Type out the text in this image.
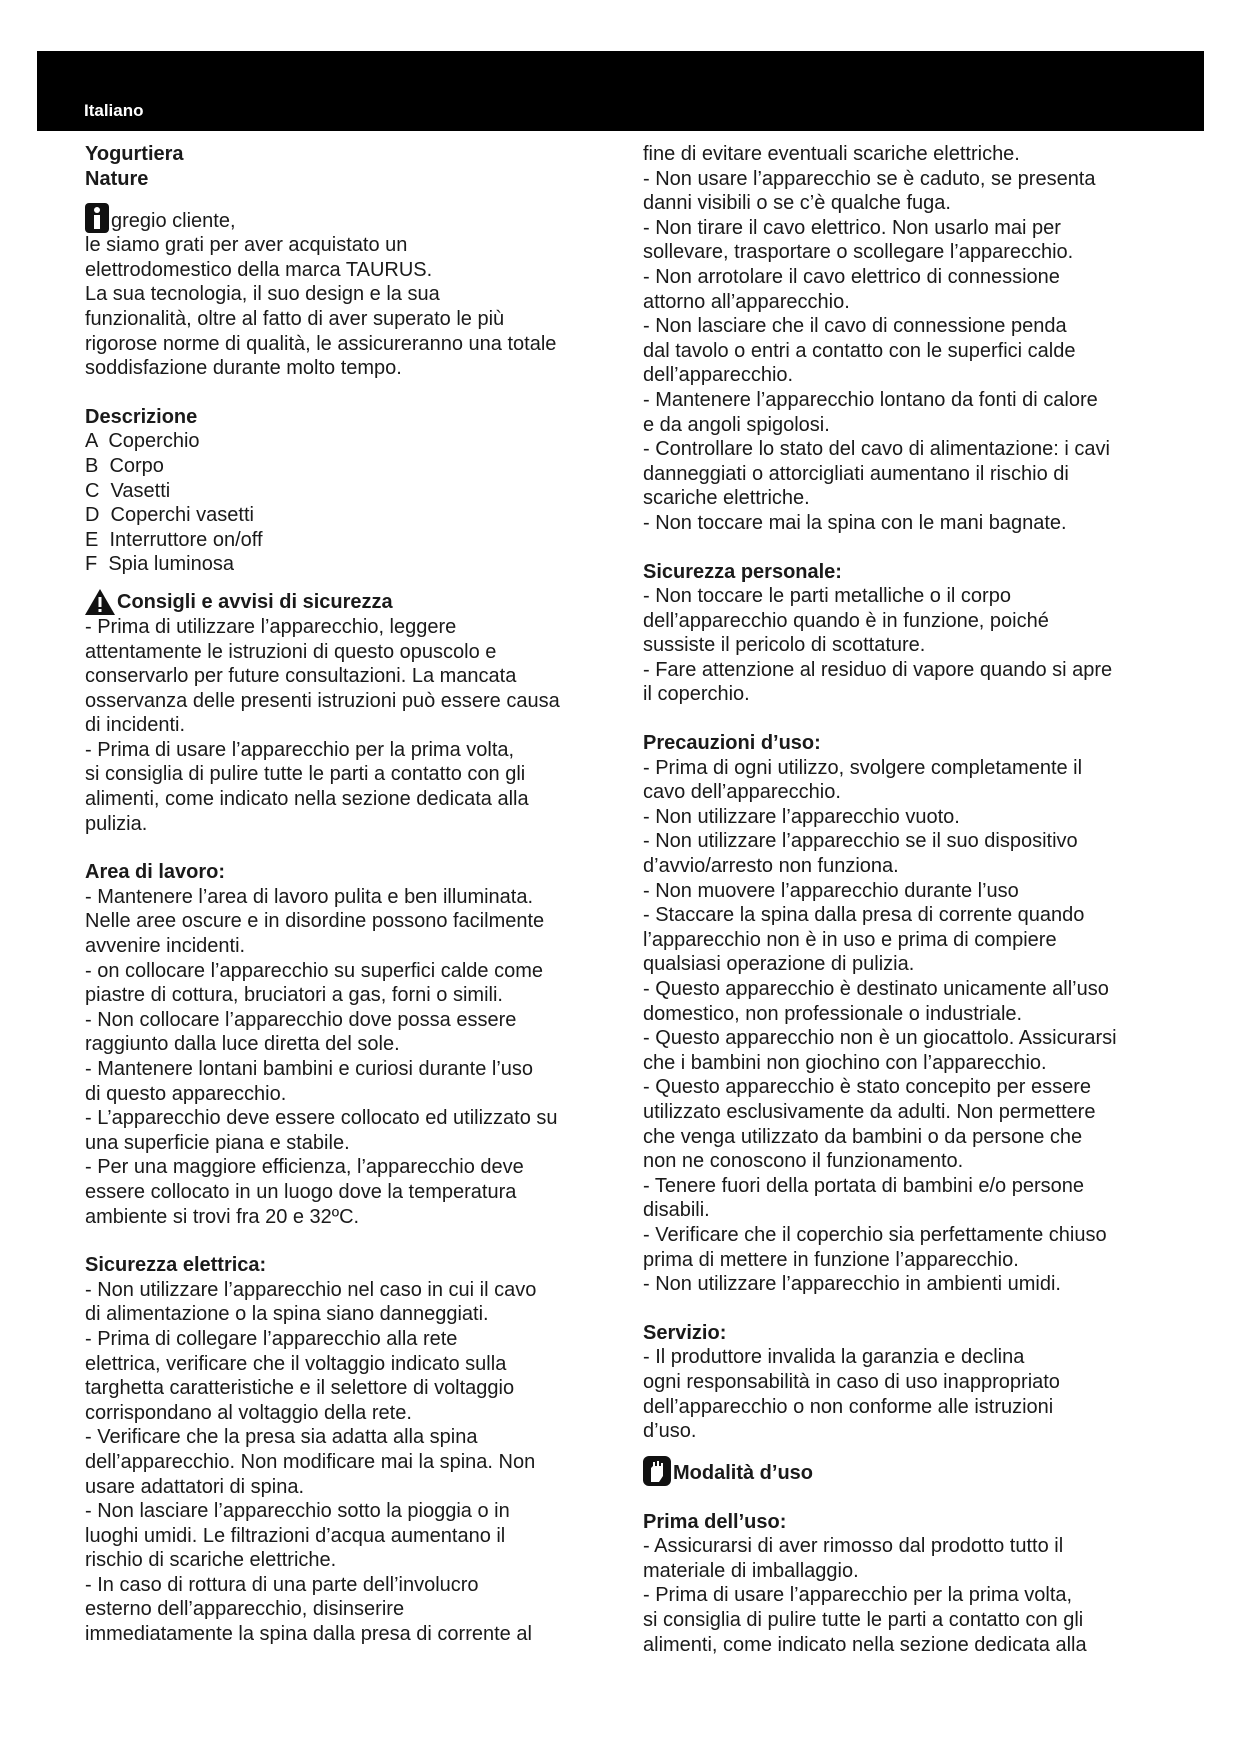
Italiano
Yogurtiera
Nature
gregio cliente,
le siamo grati per aver acquistato un
elettrodomestico della marca TAURUS.
La sua tecnologia, il suo design e la sua
funzionalità, oltre al fatto di aver superato le più
rigorose norme di qualità, le assicureranno una totale
soddisfazione durante molto tempo.
Descrizione
A  Coperchio
B  Corpo
C  Vasetti
D  Coperchi vasetti
E  Interruttore on/off
F  Spia luminosa
Consigli e avvisi di sicurezza
- Prima di utilizzare l’apparecchio, leggere
attentamente le istruzioni di questo opuscolo e
conservarlo per future consultazioni. La mancata
osservanza delle presenti istruzioni può essere causa
di incidenti.
- Prima di usare l’apparecchio per la prima volta,
si consiglia di pulire tutte le parti a contatto con gli
alimenti, come indicato nella sezione dedicata alla
pulizia.
Area di lavoro:
- Mantenere l’area di lavoro pulita e ben illuminata.
Nelle aree oscure e in disordine possono facilmente
avvenire incidenti.
- on collocare l’apparecchio su superfici calde come
piastre di cottura, bruciatori a gas, forni o simili.
- Non collocare l’apparecchio dove possa essere
raggiunto dalla luce diretta del sole.
- Mantenere lontani bambini e curiosi durante l’uso
di questo apparecchio.
- L’apparecchio deve essere collocato ed utilizzato su
una superficie piana e stabile.
- Per una maggiore efficienza, l’apparecchio deve
essere collocato in un luogo dove la temperatura
ambiente si trovi fra 20 e 32ºC.
Sicurezza elettrica:
- Non utilizzare l’apparecchio nel caso in cui il cavo
di alimentazione o la spina siano danneggiati.
- Prima di collegare l’apparecchio alla rete
elettrica, verificare che il voltaggio indicato sulla
targhetta caratteristiche e il selettore di voltaggio
corrispondano al voltaggio della rete.
- Verificare che la presa sia adatta alla spina
dell’apparecchio. Non modificare mai la spina. Non
usare adattatori di spina.
- Non lasciare l’apparecchio sotto la pioggia o in
luoghi umidi. Le filtrazioni d’acqua aumentano il
rischio di scariche elettriche.
- In caso di rottura di una parte dell’involucro
esterno dell’apparecchio, disinserire
immediatamente la spina dalla presa di corrente al
fine di evitare eventuali scariche elettriche.
- Non usare l’apparecchio se è caduto, se presenta
danni visibili o se c’è qualche fuga.
- Non tirare il cavo elettrico. Non usarlo mai per
sollevare, trasportare o scollegare l’apparecchio.
- Non arrotolare il cavo elettrico di connessione
attorno all’apparecchio.
- Non lasciare che il cavo di connessione penda
dal tavolo o entri a contatto con le superfici calde
dell’apparecchio.
- Mantenere l’apparecchio lontano da fonti di calore
e da angoli spigolosi.
- Controllare lo stato del cavo di alimentazione: i cavi
danneggiati o attorcigliati aumentano il rischio di
scariche elettriche.
- Non toccare mai la spina con le mani bagnate.
Sicurezza personale:
- Non toccare le parti metalliche o il corpo
dell’apparecchio quando è in funzione, poiché
sussiste il pericolo di scottature.
- Fare attenzione al residuo di vapore quando si apre
il coperchio.
Precauzioni d’uso:
- Prima di ogni utilizzo, svolgere completamente il
cavo dell’apparecchio.
- Non utilizzare l’apparecchio vuoto.
- Non utilizzare l’apparecchio se il suo dispositivo
d’avvio/arresto non funziona.
- Non muovere l’apparecchio durante l’uso
- Staccare la spina dalla presa di corrente quando
l’apparecchio non è in uso e prima di compiere
qualsiasi operazione di pulizia.
- Questo apparecchio è destinato unicamente all’uso
domestico, non professionale o industriale.
- Questo apparecchio non è un giocattolo. Assicurarsi
che i bambini non giochino con l’apparecchio.
- Questo apparecchio è stato concepito per essere
utilizzato esclusivamente da adulti. Non permettere
che venga utilizzato da bambini o da persone che
non ne conoscono il funzionamento.
- Tenere fuori della portata di bambini e/o persone
disabili.
- Verificare che il coperchio sia perfettamente chiuso
prima di mettere in funzione l’apparecchio.
- Non utilizzare l’apparecchio in ambienti umidi.
Servizio:
- Il produttore invalida la garanzia e declina
ogni responsabilità in caso di uso inappropriato
dell’apparecchio o non conforme alle istruzioni
d’uso.
Modalità d’uso
Prima dell’uso:
- Assicurarsi di aver rimosso dal prodotto tutto il
materiale di imballaggio.
- Prima di usare l’apparecchio per la prima volta,
si consiglia di pulire tutte le parti a contatto con gli
alimenti, come indicato nella sezione dedicata alla
